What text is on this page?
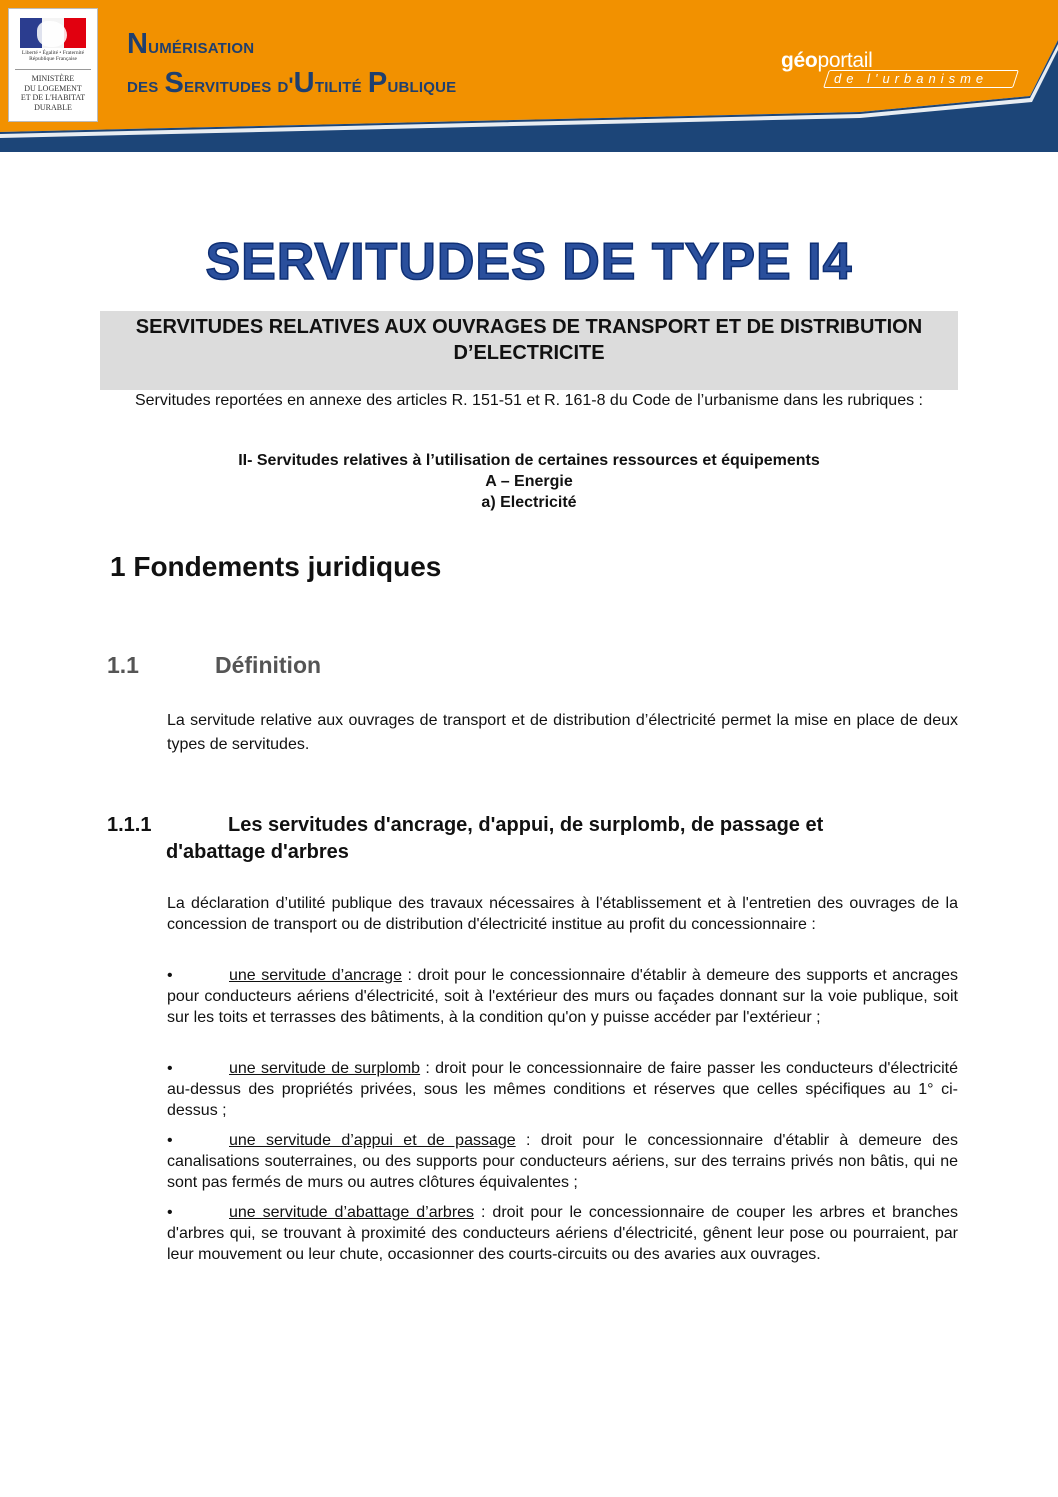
Liberté • Égalité • Fraternité
République Française
MINISTÈRE
DU LOGEMENT
ET DE L'HABITAT
DURABLE
Numérisation
des Servitudes d'Utilité Publique
géoportail
de l'urbanisme
SERVITUDES DE TYPE I4
SERVITUDES RELATIVES AUX OUVRAGES DE TRANSPORT ET DE DISTRIBUTION D’ELECTRICITE
Servitudes reportées en annexe des articles R. 151-51 et R. 161-8 du Code de l’urbanisme dans les rubriques :
II- Servitudes relatives à l’utilisation de certaines ressources et équipements
A – Energie
a) Electricité
1 Fondements juridiques
1.1	Définition
La servitude relative aux ouvrages de transport et de distribution d’électricité permet la mise en place de deux types de servitudes.
1.1.1	Les servitudes d'ancrage, d'appui, de surplomb, de passage et
d'abattage d'arbres
La déclaration d’utilité publique des travaux nécessaires à l'établissement et à l'entretien des ouvrages de la concession de transport ou de distribution d'électricité institue au profit du concessionnaire :
•	une servitude d’ancrage : droit pour le concessionnaire d'établir à demeure des supports et ancrages pour conducteurs aériens d'électricité, soit à l'extérieur des murs ou façades donnant sur la voie publique, soit sur les toits et terrasses des bâtiments, à la condition qu'on y puisse accéder par l'extérieur ;
•	une servitude de surplomb : droit pour le concessionnaire de faire passer les conducteurs d'électricité au-dessus des propriétés privées, sous les mêmes conditions et réserves que celles spécifiques au 1° ci-dessus ;
•	une servitude d’appui et de passage : droit pour le concessionnaire d'établir à demeure des canalisations souterraines, ou des supports pour conducteurs aériens, sur des terrains privés non bâtis, qui ne sont pas fermés de murs ou autres clôtures équivalentes ;
•	une servitude d’abattage d’arbres : droit pour le concessionnaire de couper les arbres et branches d'arbres qui, se trouvant à proximité des conducteurs aériens d'électricité, gênent leur pose ou pourraient, par leur mouvement ou leur chute, occasionner des courts-circuits ou des avaries aux ouvrages.
